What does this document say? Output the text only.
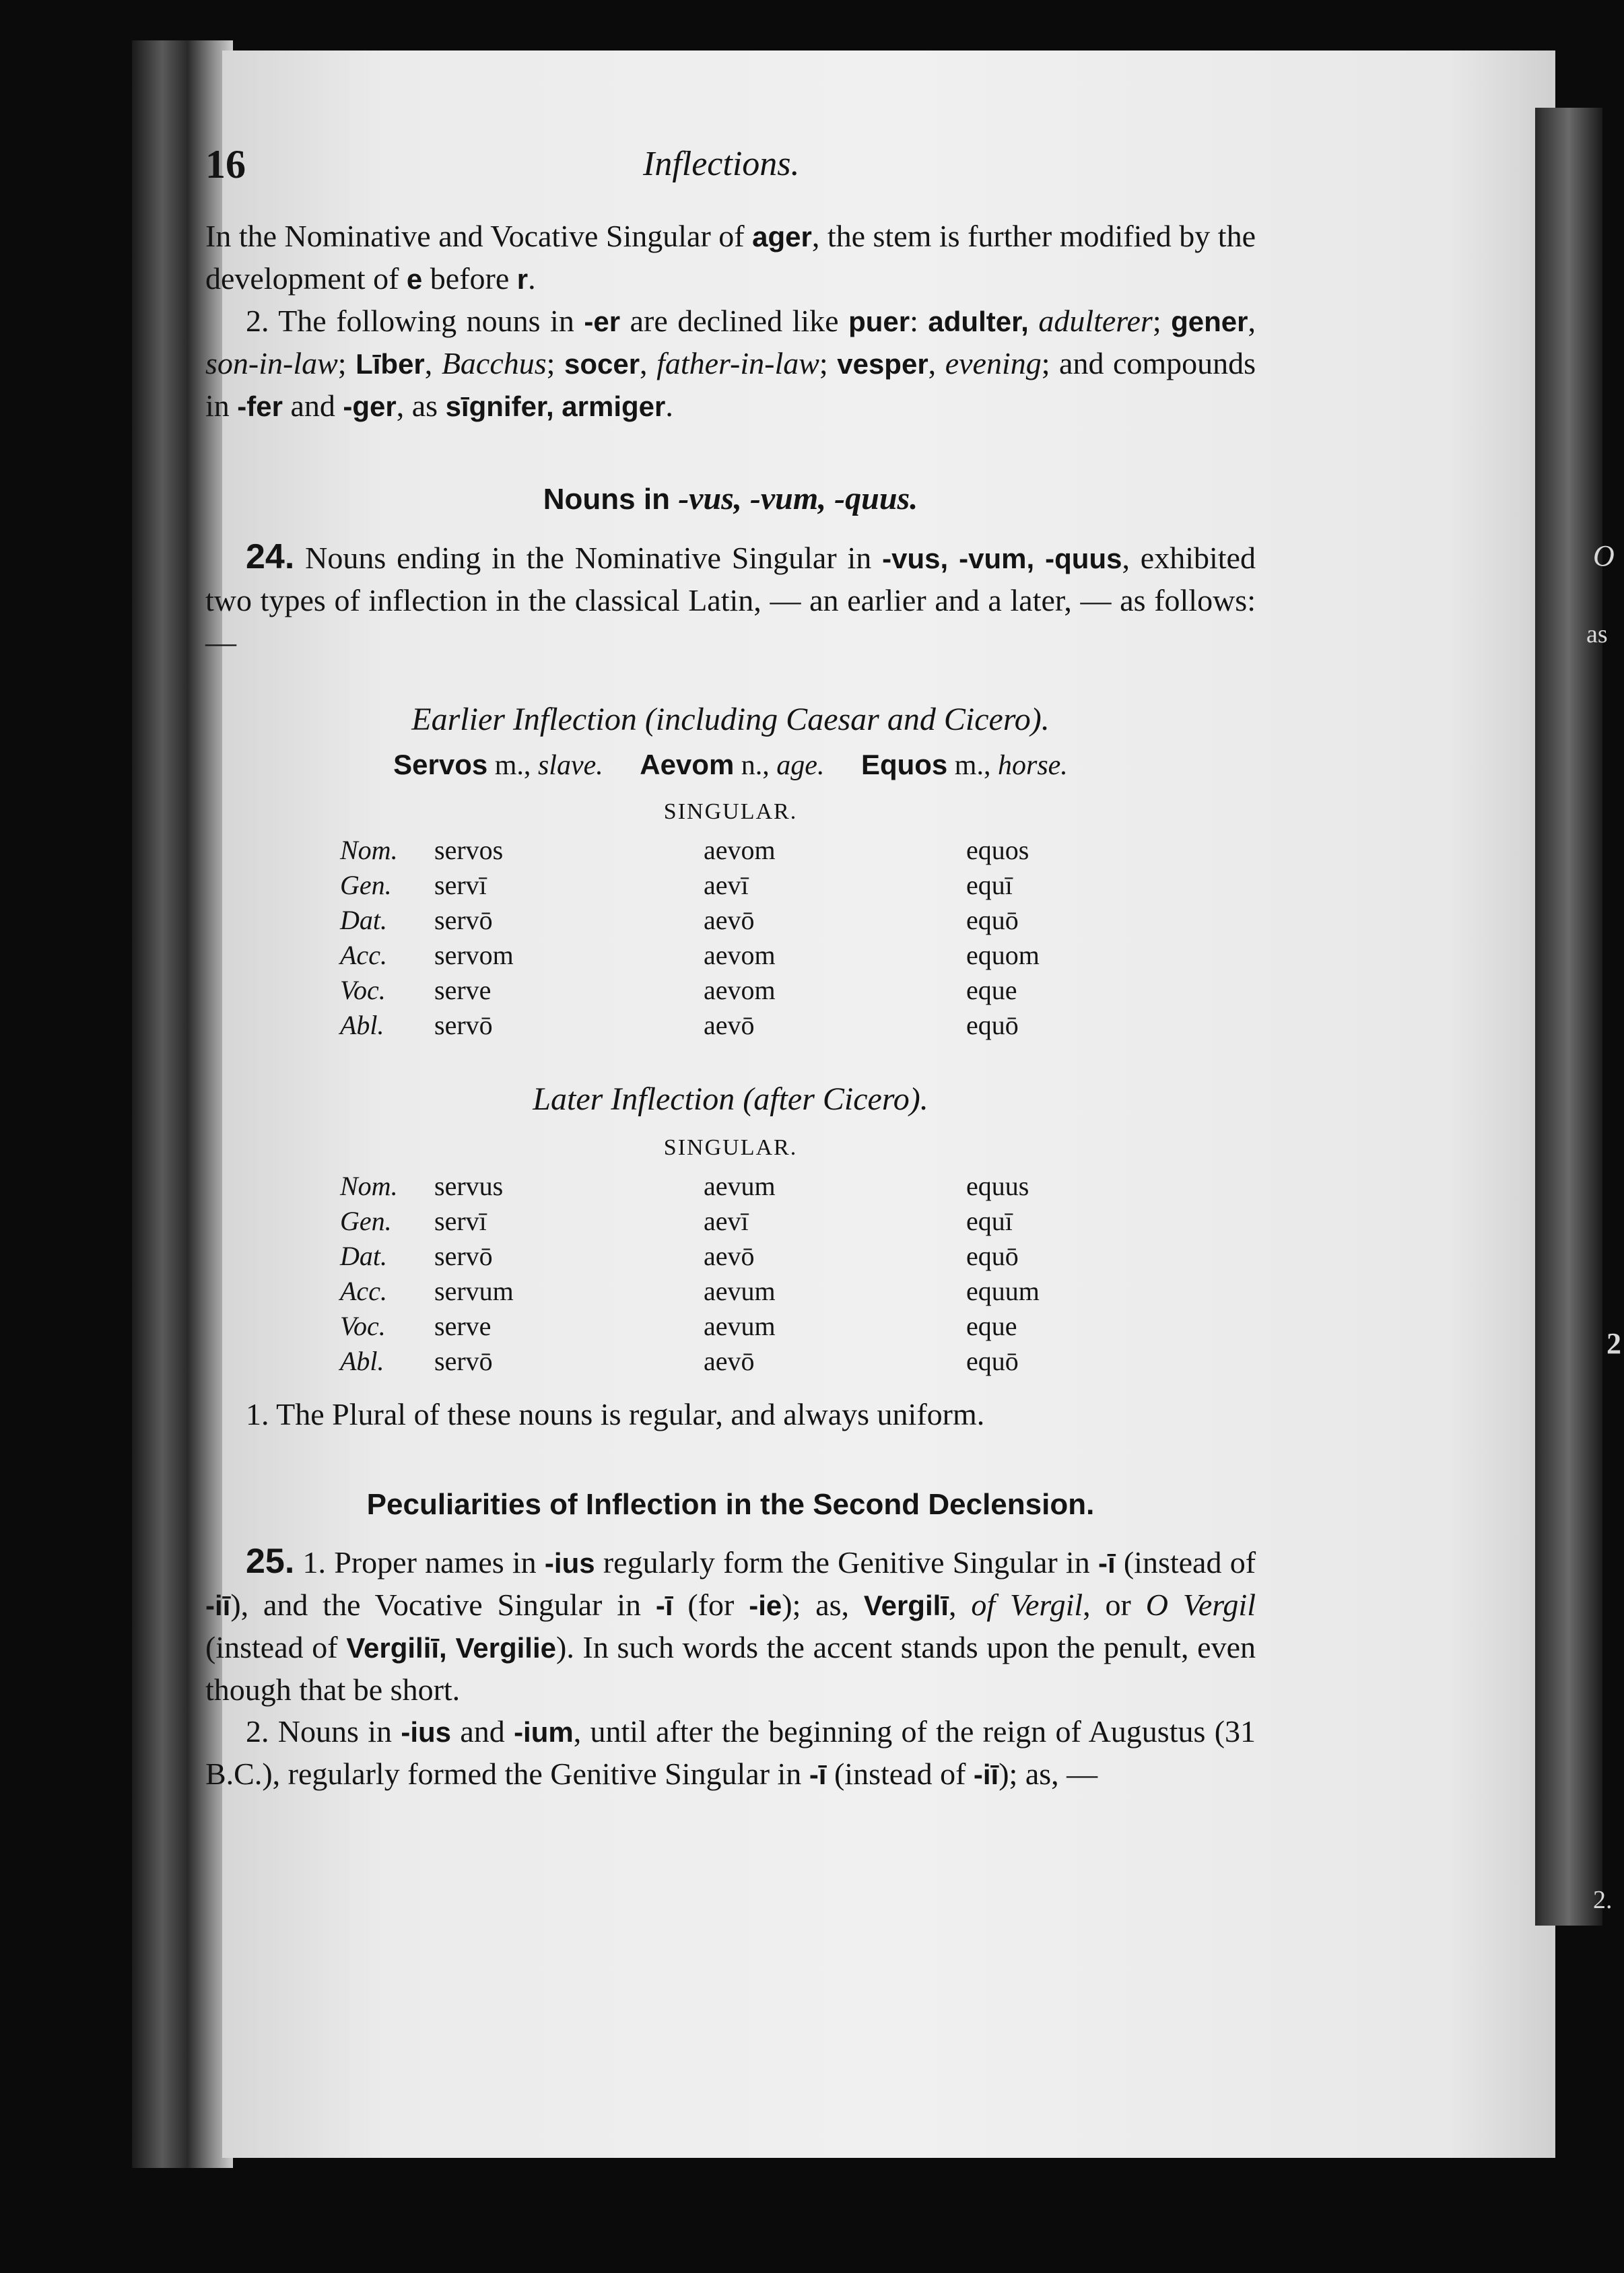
O
as
2
2.
16	Inflections.

In the Nominative and Vocative Singular of ager, the stem is further modified by the development of e before r.

2. The following nouns in -er are declined like puer: adulter, adulterer; gener, son-in-law; Līber, Bacchus; socer, father-in-law; vesper, evening; and compounds in -fer and -ger, as sīgnifer, armiger.

Nouns in -vus, -vum, -quus.

24. Nouns ending in the Nominative Singular in -vus, -vum, -quus, exhibited two types of inflection in the classical Latin, — an earlier and a later, — as follows: —

Earlier Inflection (including Caesar and Cicero).
Servos m., slave. Aevom n., age. Equos m., horse.
SINGULAR.
Nom.	servos	aevom	equos
Gen.	servī	aevī	equī
Dat.	servō	aevō	equō
Acc.	servom	aevom	equom
Voc.	serve	aevom	eque
Abl.	servō	aevō	equō
Later Inflection (after Cicero).
SINGULAR.
Nom.	servus	aevum	equus
Gen.	servī	aevī	equī
Dat.	servō	aevō	equō
Acc.	servum	aevum	equum
Voc.	serve	aevum	eque
Abl.	servō	aevō	equō

1. The Plural of these nouns is regular, and always uniform.

Peculiarities of Inflection in the Second Declension.

25. 1. Proper names in -ius regularly form the Genitive Singular in -ī (instead of -iī), and the Vocative Singular in -ī (for -ie); as, Vergilī, of Vergil, or O Vergil (instead of Vergiliī, Vergilie). In such words the accent stands upon the penult, even though that be short.

2. Nouns in -ius and -ium, until after the beginning of the reign of Augustus (31 B.C.), regularly formed the Genitive Singular in -ī (instead of -iī); as, —
